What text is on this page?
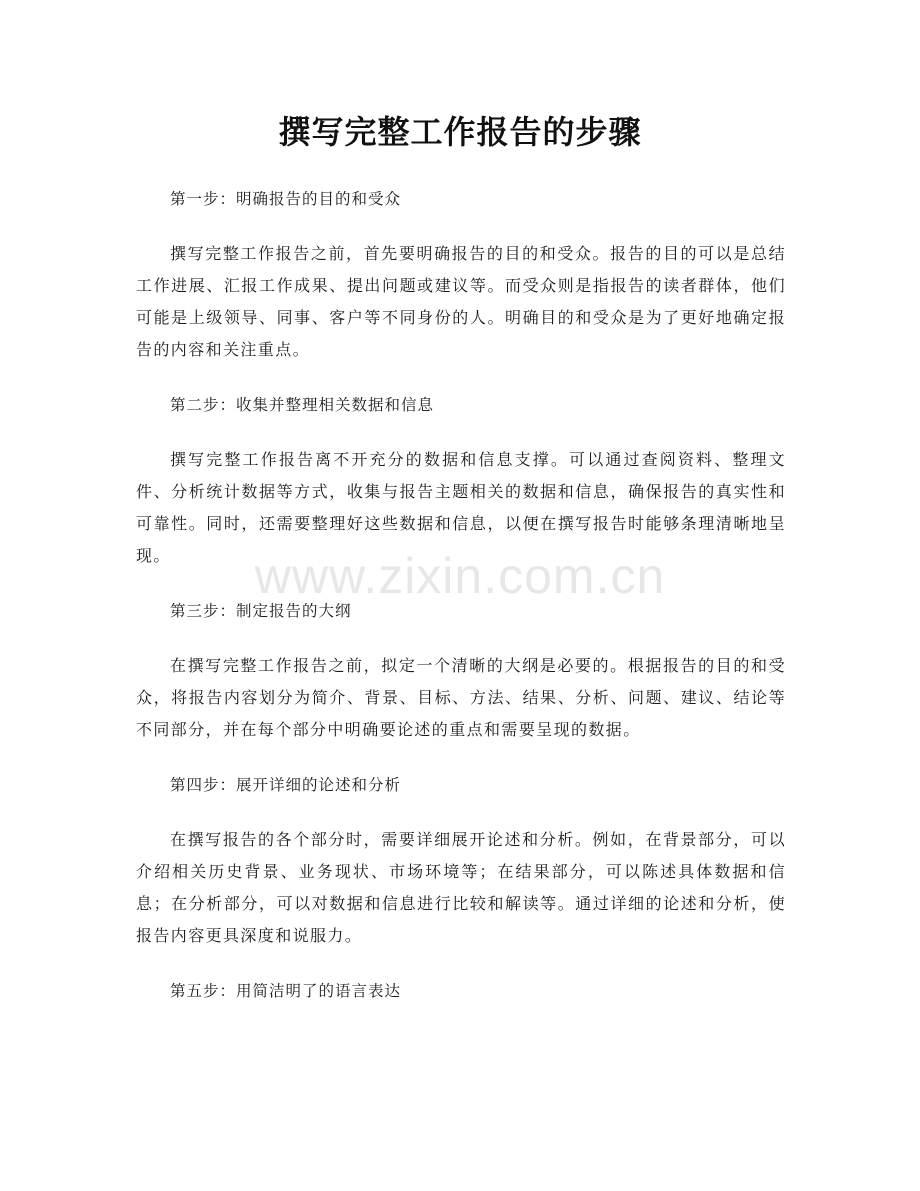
撰写完整工作报告的步骤

第一步：明确报告的目的和受众

撰写完整工作报告之前，首先要明确报告的目的和受众。报告的目的可以是总结工作进展、汇报工作成果、提出问题或建议等。而受众则是指报告的读者群体，他们可能是上级领导、同事、客户等不同身份的人。明确目的和受众是为了更好地确定报告的内容和关注重点。

第二步：收集并整理相关数据和信息

撰写完整工作报告离不开充分的数据和信息支撑。可以通过查阅资料、整理文件、分析统计数据等方式，收集与报告主题相关的数据和信息，确保报告的真实性和可靠性。同时，还需要整理好这些数据和信息，以便在撰写报告时能够条理清晰地呈现。

第三步：制定报告的大纲

在撰写完整工作报告之前，拟定一个清晰的大纲是必要的。根据报告的目的和受众，将报告内容划分为简介、背景、目标、方法、结果、分析、问题、建议、结论等不同部分，并在每个部分中明确要论述的重点和需要呈现的数据。

第四步：展开详细的论述和分析

在撰写报告的各个部分时，需要详细展开论述和分析。例如，在背景部分，可以介绍相关历史背景、业务现状、市场环境等；在结果部分，可以陈述具体数据和信息；在分析部分，可以对数据和信息进行比较和解读等。通过详细的论述和分析，使报告内容更具深度和说服力。

第五步：用简洁明了的语言表达

www.zixin.com.cn
